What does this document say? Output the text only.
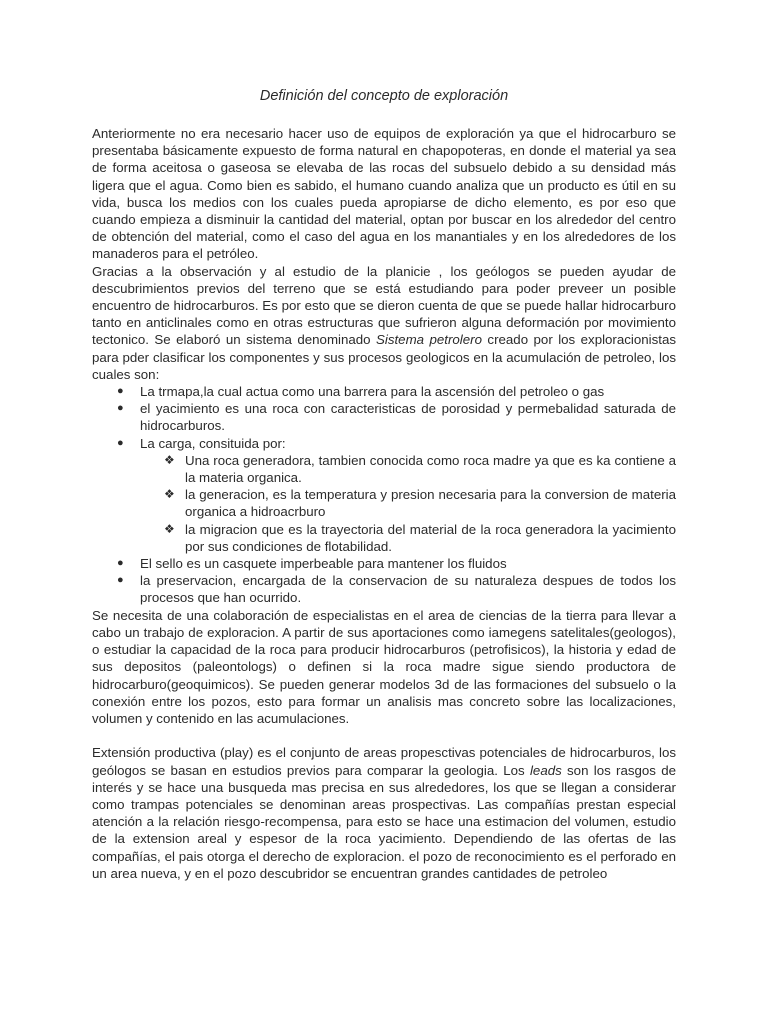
Definición del concepto de exploración

Anteriormente no era necesario hacer uso de equipos de exploración ya que el hidrocarburo se presentaba básicamente expuesto de forma natural en chapopoteras, en donde el material ya sea de forma aceitosa o gaseosa se elevaba de las rocas del subsuelo debido a su densidad más ligera que el agua. Como bien es sabido, el humano cuando analiza que un producto es útil en su vida, busca los medios con los cuales pueda apropiarse de dicho elemento, es por eso que cuando empieza a disminuir la cantidad del material, optan por buscar en los alrededor del centro de obtención del material, como el caso del agua en los manantiales y en los alrededores de los manaderos para el petróleo.

Gracias a la observación y al estudio de la planicie , los geólogos se pueden ayudar de descubrimientos previos del terreno que se está estudiando para poder preveer un posible encuentro de hidrocarburos. Es por esto que se dieron cuenta de que se puede hallar hidrocarburo tanto en anticlinales como en otras estructuras que sufrieron alguna deformación por movimiento tectonico. Se elaboró un sistema denominado Sistema petrolero creado por los exploracionistas para pder clasificar los componentes y sus procesos geologicos en la acumulación de petroleo, los cuales son:

● La trmapa,la cual actua como una barrera para la ascensión del petroleo o gas
● el yacimiento es una roca con caracteristicas de porosidad y permebalidad saturada de hidrocarburos.
● La carga, consituida por:
❖ Una roca generadora, tambien conocida como roca madre ya que es ka contiene a la materia organica.
❖ la generacion, es la temperatura y presion necesaria para la conversion de materia organica a hidroacrburo
❖ la migracion que es la trayectoria del material de la roca generadora la yacimiento por sus condiciones de flotabilidad.
● El sello es un casquete imperbeable para mantener los fluidos
● la preservacion, encargada de la conservacion de su naturaleza despues de todos los procesos que han ocurrido.

Se necesita de una colaboración de especialistas en el area de ciencias de la tierra para llevar a cabo un trabajo de exploracion. A partir de sus aportaciones como iamegens satelitales(geologos), o estudiar la capacidad de la roca para producir hidrocarburos (petrofisicos), la historia y edad de sus depositos (paleontologs) o definen si la roca madre sigue siendo productora de hidrocarburo(geoquimicos). Se pueden generar modelos 3d de las formaciones del subsuelo o la conexión entre los pozos, esto para formar un analisis mas concreto sobre las localizaciones, volumen y contenido en las acumulaciones.

Extensión productiva (play) es el conjunto de areas propesctivas potenciales de hidrocarburos, los geólogos se basan en estudios previos para comparar la geologia. Los leads son los rasgos de interés y se hace una busqueda mas precisa en sus alrededores, los que se llegan a considerar como trampas potenciales se denominan areas prospectivas. Las compañías prestan especial atención a la relación riesgo-recompensa, para esto se hace una estimacion del volumen, estudio de la extension areal y espesor de la roca yacimiento. Dependiendo de las ofertas de las compañías, el pais otorga el derecho de exploracion. el pozo de reconocimiento es el perforado en un area nueva, y en el pozo descubridor se encuentran grandes cantidades de petroleo
